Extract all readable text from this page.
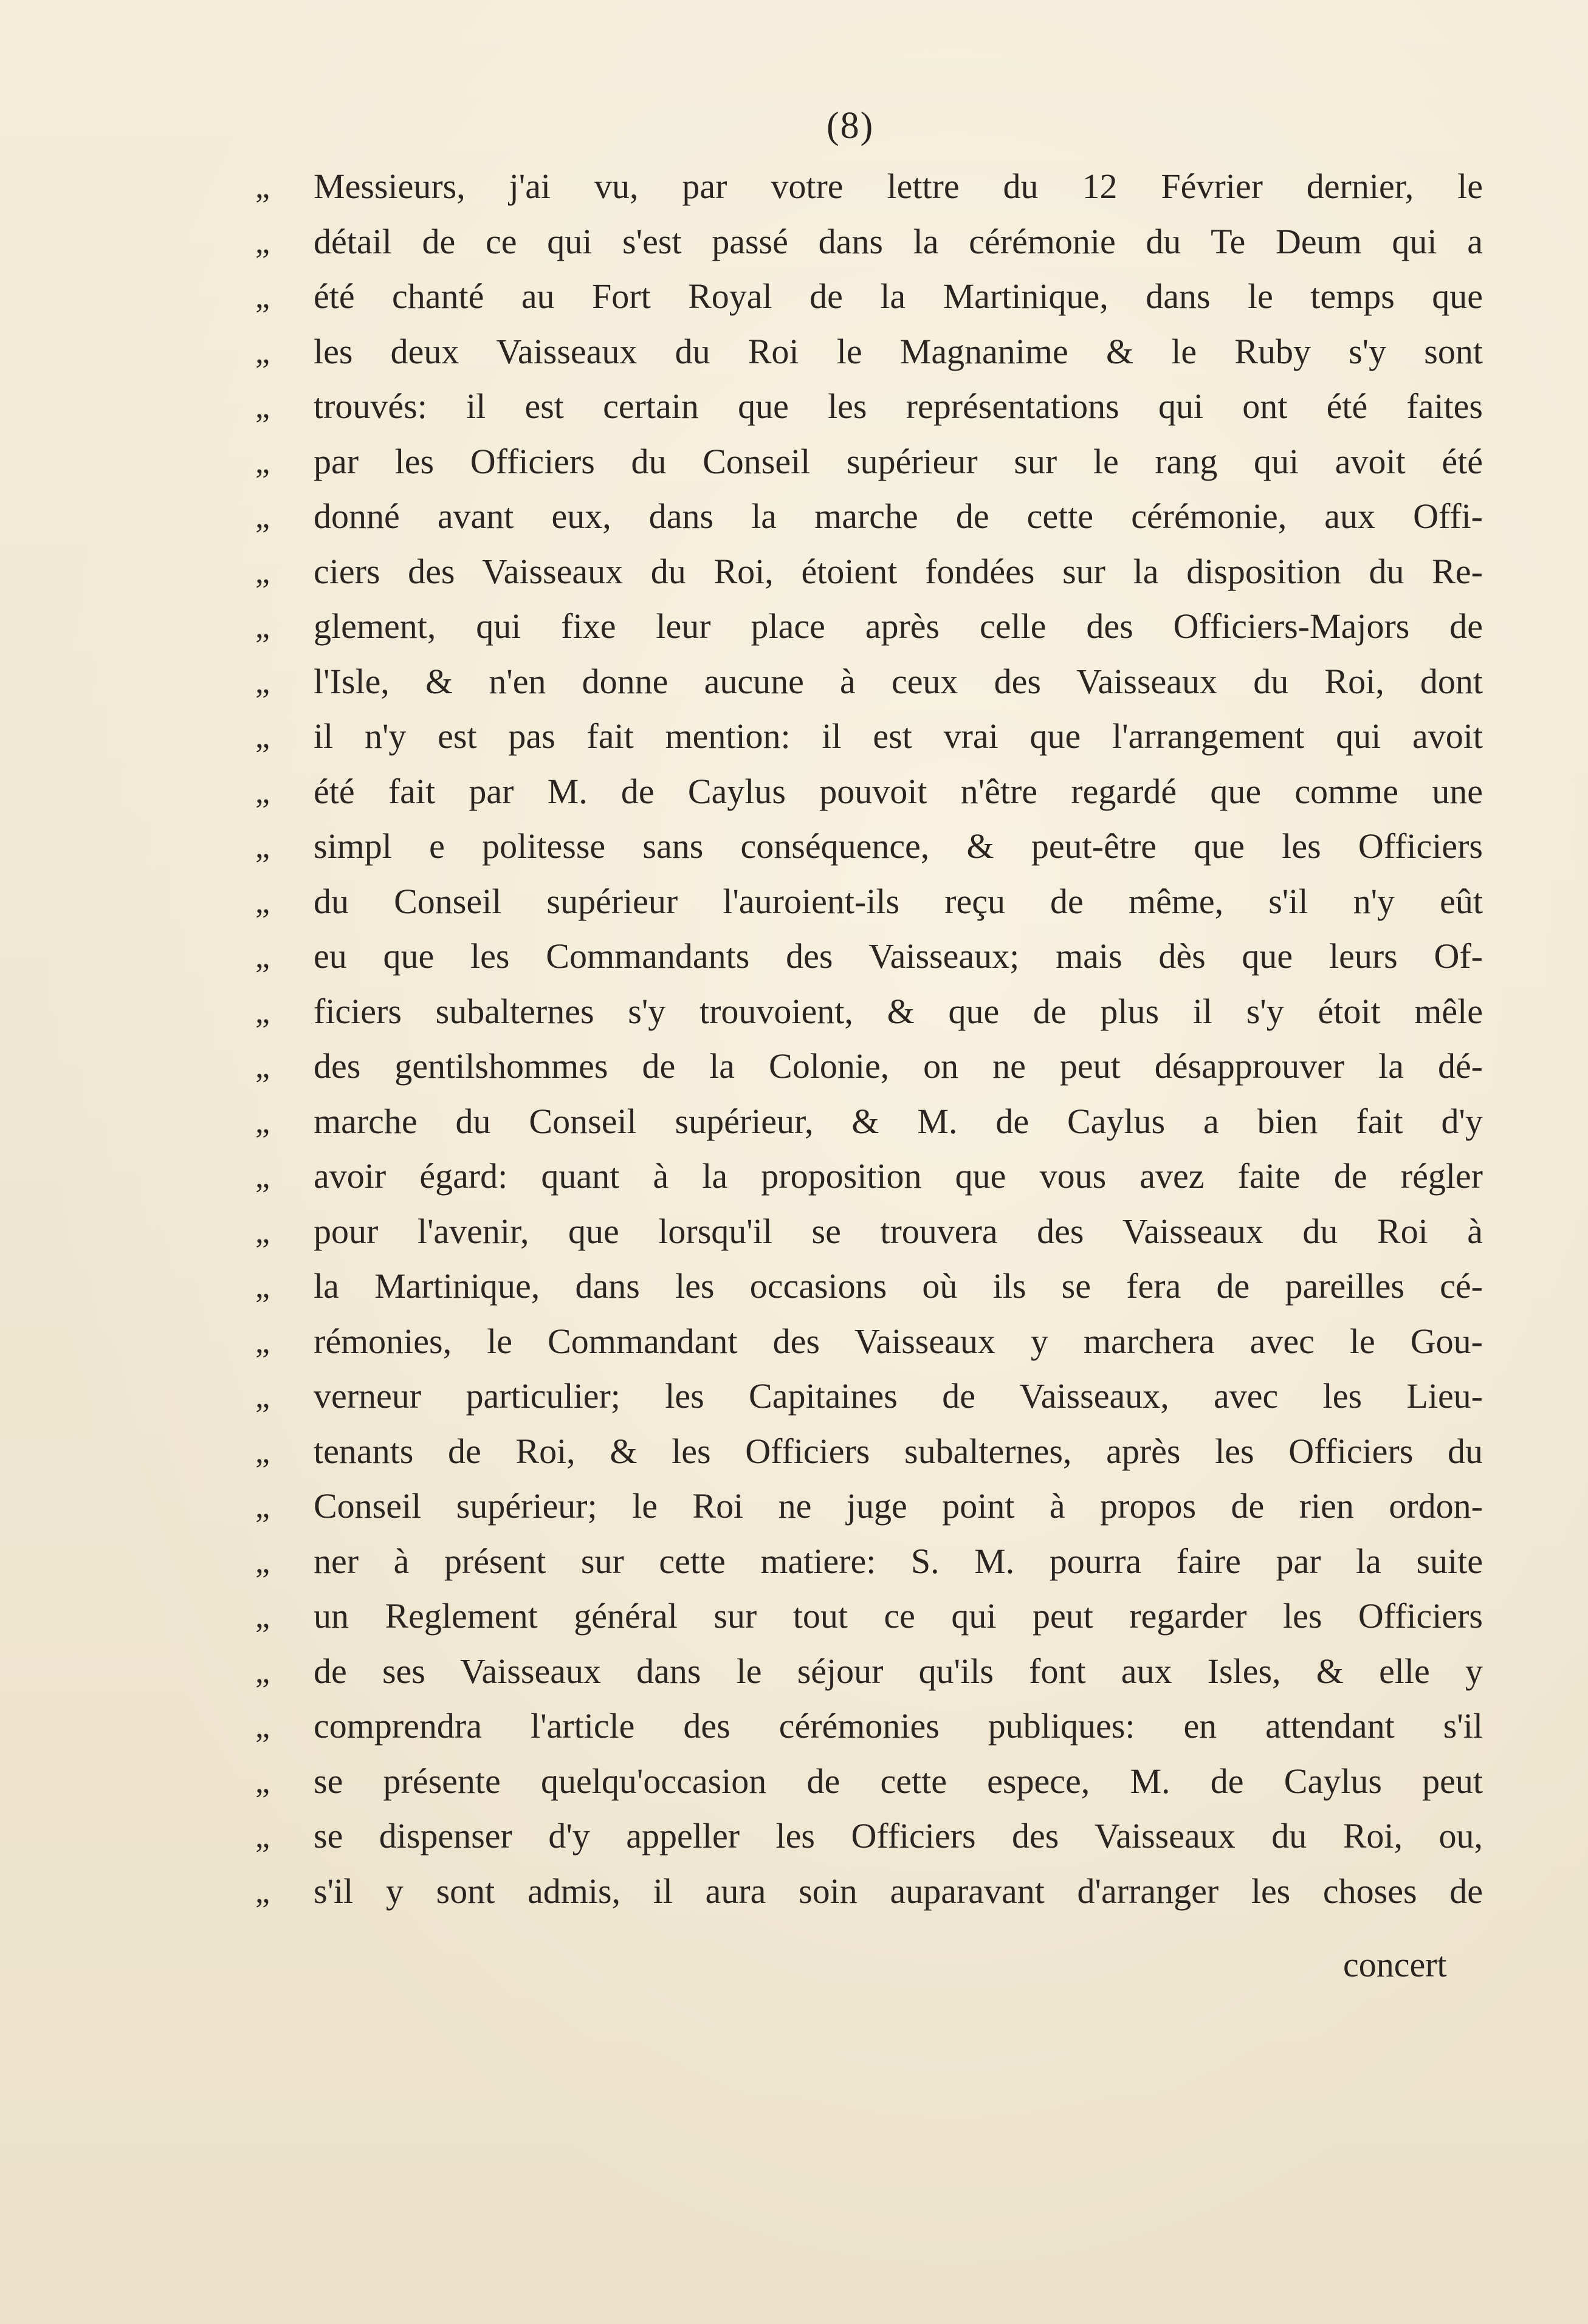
(8)
„	Messieurs, j'ai vu, par votre lettre du 12 Février dernier, le
„	détail de ce qui s'est passé dans la cérémonie du Te Deum qui a
„	été chanté au Fort Royal de la Martinique, dans le temps que
„	les deux Vaisseaux du Roi le Magnanime & le Ruby s'y sont
„	trouvés: il est certain que les représentations qui ont été faites
„	par les Officiers du Conseil supérieur sur le rang qui avoit été
„	donné avant eux, dans la marche de cette cérémonie, aux Offi-
„	ciers des Vaisseaux du Roi, étoient fondées sur la disposition du Re-
„	glement, qui fixe leur place après celle des Officiers-Majors de
„	l'Isle, & n'en donne aucune à ceux des Vaisseaux du Roi, dont
„	il n'y est pas fait mention: il est vrai que l'arrangement qui avoit
„	été fait par M. de Caylus pouvoit n'être regardé que comme une
„	simpl e politesse sans conséquence, & peut-être que les Officiers
„	du Conseil supérieur l'auroient-ils reçu de même, s'il n'y eût
„	eu que les Commandants des Vaisseaux; mais dès que leurs Of-
„	ficiers subalternes s'y trouvoient, & que de plus il s'y étoit mêle
„	des gentilshommes de la Colonie, on ne peut désapprouver la dé-
„	marche du Conseil supérieur, & M. de Caylus a bien fait d'y
„	avoir égard: quant à la proposition que vous avez faite de régler
„	pour l'avenir, que lorsqu'il se trouvera des Vaisseaux du Roi à
„	la Martinique, dans les occasions où ils se fera de pareilles cé-
„	rémonies, le Commandant des Vaisseaux y marchera avec le Gou-
„	verneur particulier; les Capitaines de Vaisseaux, avec les Lieu-
„	tenants de Roi, & les Officiers subalternes, après les Officiers du
„	Conseil supérieur; le Roi ne juge point à propos de rien ordon-
„	ner à présent sur cette matiere: S. M. pourra faire par la suite
„	un Reglement général sur tout ce qui peut regarder les Officiers
„	de ses Vaisseaux dans le séjour qu'ils font aux Isles, & elle y
„	comprendra l'article des cérémonies publiques: en attendant s'il
„	se présente quelqu'occasion de cette espece, M. de Caylus peut
„	se dispenser d'y appeller les Officiers des Vaisseaux du Roi, ou,
„	s'il y sont admis, il aura soin auparavant d'arranger les choses de
concert
